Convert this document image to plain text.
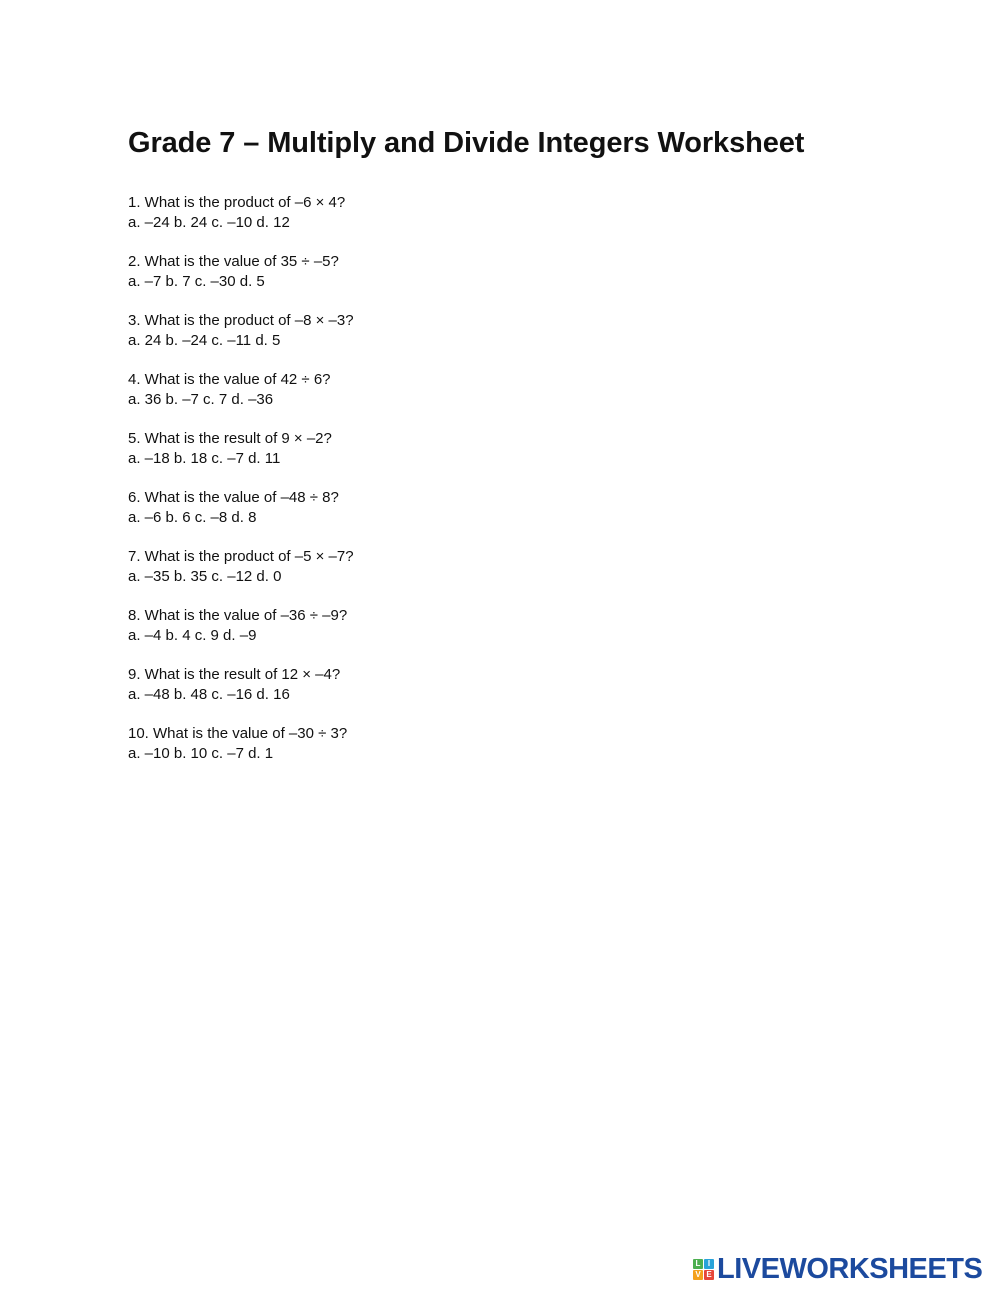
Grade 7 – Multiply and Divide Integers Worksheet
1. What is the product of –6 × 4?
a. –24 b. 24 c. –10 d. 12
2. What is the value of 35 ÷ –5?
a. –7 b. 7 c. –30 d. 5
3. What is the product of –8 × –3?
a. 24 b. –24 c. –11 d. 5
4. What is the value of 42 ÷ 6?
a. 36 b. –7 c. 7 d. –36
5. What is the result of 9 × –2?
a. –18 b. 18 c. –7 d. 11
6. What is the value of –48 ÷ 8?
a. –6 b. 6 c. –8 d. 8
7. What is the product of –5 × –7?
a. –35 b. 35 c. –12 d. 0
8. What is the value of –36 ÷ –9?
a. –4 b. 4 c. 9 d. –9
9. What is the result of 12 × –4?
a. –48 b. 48 c. –16 d. 16
10. What is the value of –30 ÷ 3?
a. –10 b. 10 c. –7 d. 1
L I
V E LIVEWORKSHEETS
